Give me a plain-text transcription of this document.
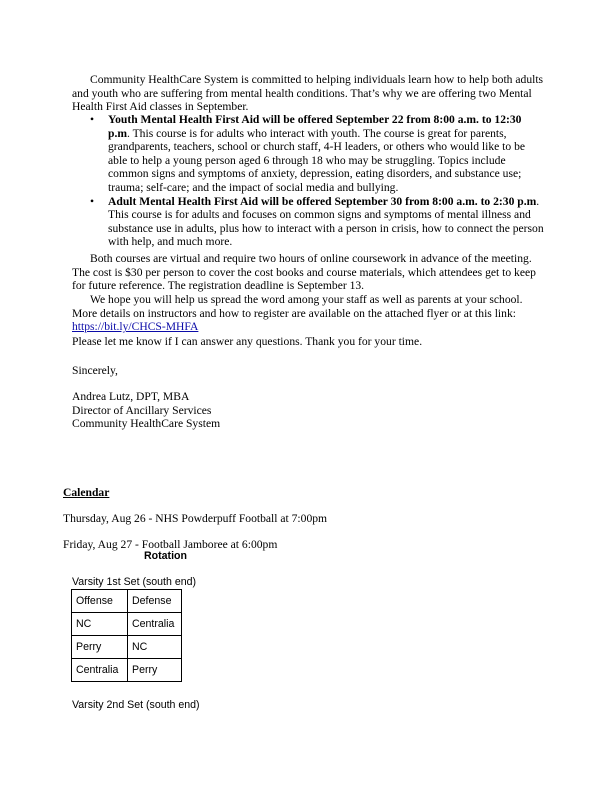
Community HealthCare System is committed to helping individuals learn how to help both adults and youth who are suffering from mental health conditions. That’s why we are offering two Mental Health First Aid classes in September.

• Youth Mental Health First Aid will be offered September 22 from 8:00 a.m. to 12:30 p.m. This course is for adults who interact with youth. The course is great for parents, grandparents, teachers, school or church staff, 4-H leaders, or others who would like to be able to help a young person aged 6 through 18 who may be struggling. Topics include common signs and symptoms of anxiety, depression, eating disorders, and substance use; trauma; self-care; and the impact of social media and bullying.
• Adult Mental Health First Aid will be offered September 30 from 8:00 a.m. to 2:30 p.m. This course is for adults and focuses on common signs and symptoms of mental illness and substance use in adults, plus how to interact with a person in crisis, how to connect the person with help, and much more.

Both courses are virtual and require two hours of online coursework in advance of the meeting. The cost is $30 per person to cover the cost books and course materials, which attendees get to keep for future reference. The registration deadline is September 13.

We hope you will help us spread the word among your staff as well as parents at your school. More details on instructors and how to register are available on the attached flyer or at this link: https://bit.ly/CHCS-MHFA

Please let me know if I can answer any questions. Thank you for your time.

Sincerely,

Andrea Lutz, DPT, MBA
Director of Ancillary Services
Community HealthCare System

Calendar

Thursday, Aug 26 - NHS Powderpuff Football at 7:00pm

Friday, Aug 27 - Football Jamboree at 6:00pm

Rotation

Varsity 1st Set (south end)

Offense	Defense
NC	Centralia
Perry	NC
Centralia	Perry

Varsity 2nd Set (south end)
